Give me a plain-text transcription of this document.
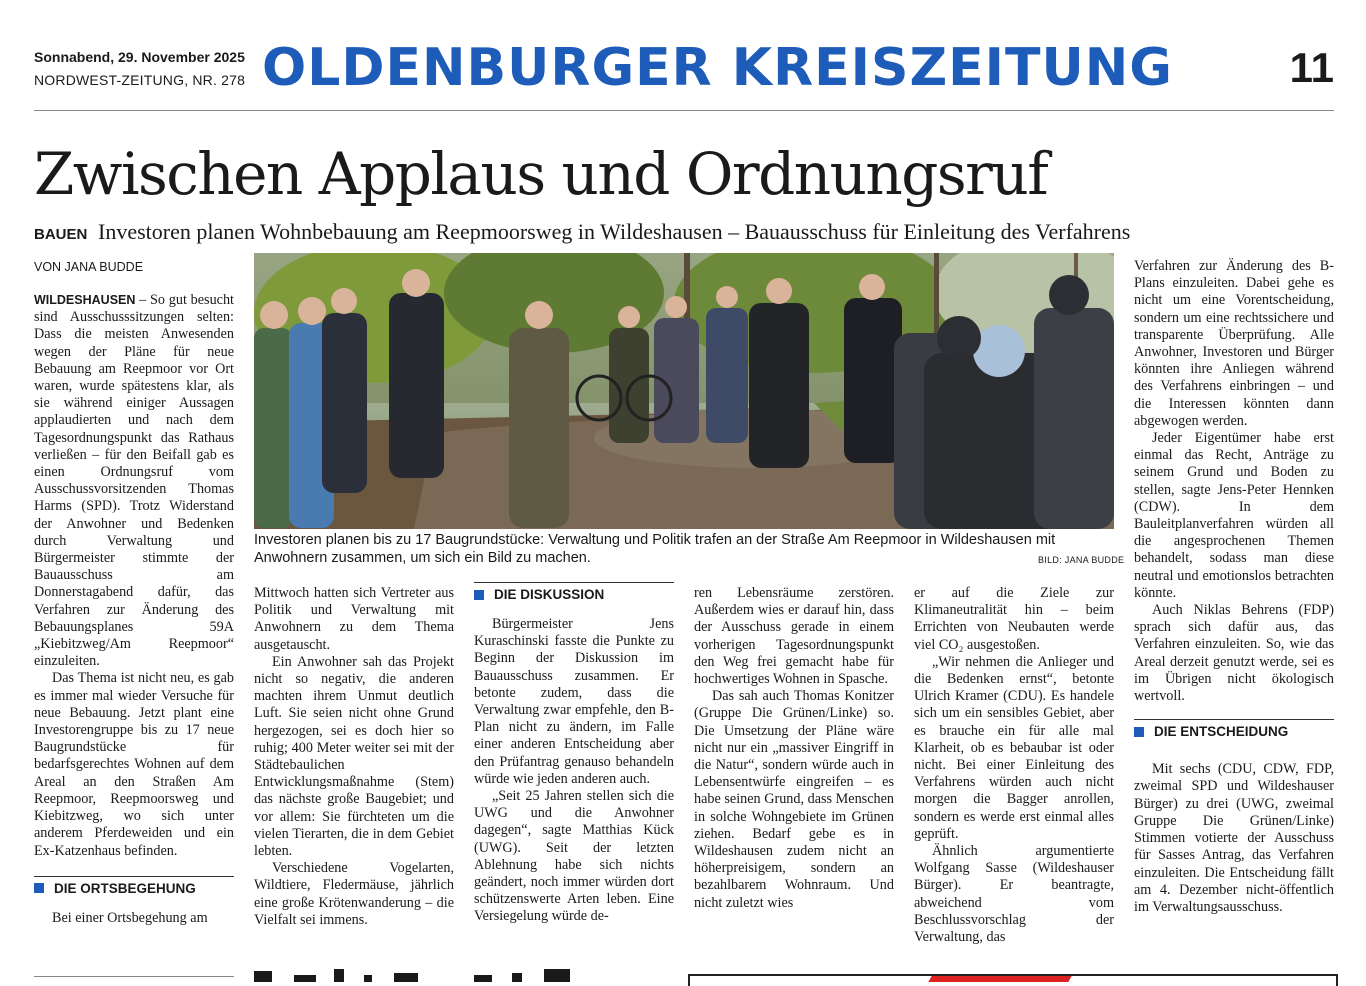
Sonnabend, 29. November 2025
NORDWEST-ZEITUNG, NR. 278 OLDENBURGER KREISZEITUNG	11
Zwischen Applaus und Ordnungsruf
BAUEN Investoren planen Wohnbebauung am Reepmoorsweg in Wildeshausen – Bauausschuss für Einleitung des Verfahrens
VON JANA BUDDE

WILDESHAUSEN – So gut besucht sind Ausschusssitzungen selten: Dass die meisten Anwesenden wegen der Pläne für neue Bebauung am Reepmoor vor Ort waren, wurde spätestens klar, als sie während einiger Aussagen applaudierten und nach dem Tagesordnungspunkt das Rathaus verließen – für den Beifall gab es einen Ordnungsruf vom Ausschussvorsitzenden Thomas Harms (SPD). Trotz Widerstand der Anwohner und Bedenken durch Verwaltung und Bürgermeister stimmte der Bauausschuss am Donnerstagabend dafür, das Verfahren zur Änderung des Bebauungsplanes 59A „Kiebitzweg/Am Reepmoor“ einzuleiten.

Das Thema ist nicht neu, es gab es immer mal wieder Versuche für neue Bebauung. Jetzt plant eine Investorengruppe bis zu 17 neue Baugrundstücke für bedarfsgerechtes Wohnen auf dem Areal an den Straßen Am Reepmoor, Reepmoorsweg und Kiebitzweg, wo sich unter anderem Pferdeweiden und ein Ex-Katzenhaus befinden.

DIE ORTSBEGEHUNG

Bei einer Ortsbegehung am

Investoren planen bis zu 17 Baugrundstücke: Verwaltung und Politik trafen an der Straße Am Reepmoor in Wildeshausen mit Anwohnern zusammen, um sich ein Bild zu machen.	BILD: JANA BUDDE

Mittwoch hatten sich Vertreter aus Politik und Verwaltung mit Anwohnern zu dem Thema ausgetauscht.

Ein Anwohner sah das Projekt nicht so negativ, die anderen machten ihrem Unmut deutlich Luft. Sie seien nicht ohne Grund hergezogen, sei es doch hier so ruhig; 400 Meter weiter sei mit der Städtebaulichen Entwicklungsmaßnahme (Stem) das nächste große Baugebiet; und vor allem: Sie fürchteten um die vielen Tierarten, die in dem Gebiet lebten.

Verschiedene Vogelarten, Wildtiere, Fledermäuse, jährlich eine große Krötenwanderung – die Vielfalt sei immens.

DIE DISKUSSION

Bürgermeister Jens Kuraschinski fasste die Punkte zu Beginn der Diskussion im Bauausschuss zusammen. Er betonte zudem, dass die Verwaltung zwar empfehle, den B-Plan nicht zu ändern, im Falle einer anderen Entscheidung aber den Prüfantrag genauso behandeln würde wie jeden anderen auch.

„Seit 25 Jahren stellen sich die UWG und die Anwohner dagegen“, sagte Matthias Kück (UWG). Seit der letzten Ablehnung habe sich nichts geändert, noch immer würden dort schützenswerte Arten leben. Eine Versiegelung würde de-

ren Lebensräume zerstören. Außerdem wies er darauf hin, dass der Ausschuss gerade in einem vorherigen Tagesordnungspunkt den Weg frei gemacht habe für hochwertiges Wohnen in Spasche.

Das sah auch Thomas Konitzer (Gruppe Die Grünen/Linke) so. Die Umsetzung der Pläne wäre nicht nur ein „massiver Eingriff in die Natur“, sondern würde auch in Lebensentwürfe eingreifen – es habe seinen Grund, dass Menschen in solche Wohngebiete im Grünen ziehen. Bedarf gebe es in Wildeshausen zudem nicht an höherpreisigem, sondern an bezahlbarem Wohnraum. Und nicht zuletzt wies

er auf die Ziele zur Klimaneutralität hin – beim Errichten von Neubauten werde viel CO₂ ausgestoßen.

„Wir nehmen die Anlieger und die Bedenken ernst“, betonte Ulrich Kramer (CDU). Es handele sich um ein sensibles Gebiet, aber es brauche ein für alle mal Klarheit, ob es bebaubar ist oder nicht. Bei einer Einleitung des Verfahrens würden auch nicht morgen die Bagger anrollen, sondern es werde erst einmal alles geprüft.

Ähnlich argumentierte Wolfgang Sasse (Wildeshauser Bürger). Er beantragte, abweichend vom Beschlussvorschlag der Verwaltung, das

Verfahren zur Änderung des B-Plans einzuleiten. Dabei gehe es nicht um eine Vorentscheidung, sondern um eine rechtssichere und transparente Überprüfung. Alle Anwohner, Investoren und Bürger könnten ihre Anliegen während des Verfahrens einbringen – und die Interessen könnten dann abgewogen werden.

Jeder Eigentümer habe erst einmal das Recht, Anträge zu seinem Grund und Boden zu stellen, sagte Jens-Peter Hennken (CDW). In dem Bauleitplanverfahren würden all die angesprochenen Themen behandelt, sodass man diese neutral und emotionslos betrachten könnte.

Auch Niklas Behrens (FDP) sprach sich dafür aus, das Verfahren einzuleiten. So, wie das Areal derzeit genutzt werde, sei es im Übrigen nicht ökologisch wertvoll.

DIE ENTSCHEIDUNG

Mit sechs (CDU, CDW, FDP, zweimal SPD und Wildeshauser Bürger) zu drei (UWG, zweimal Gruppe Die Grünen/Linke) Stimmen votierte der Ausschuss für Sasses Antrag, das Verfahren einzuleiten. Die Entscheidung fällt am 4. Dezember nicht-öffentlich im Verwaltungsausschuss.
